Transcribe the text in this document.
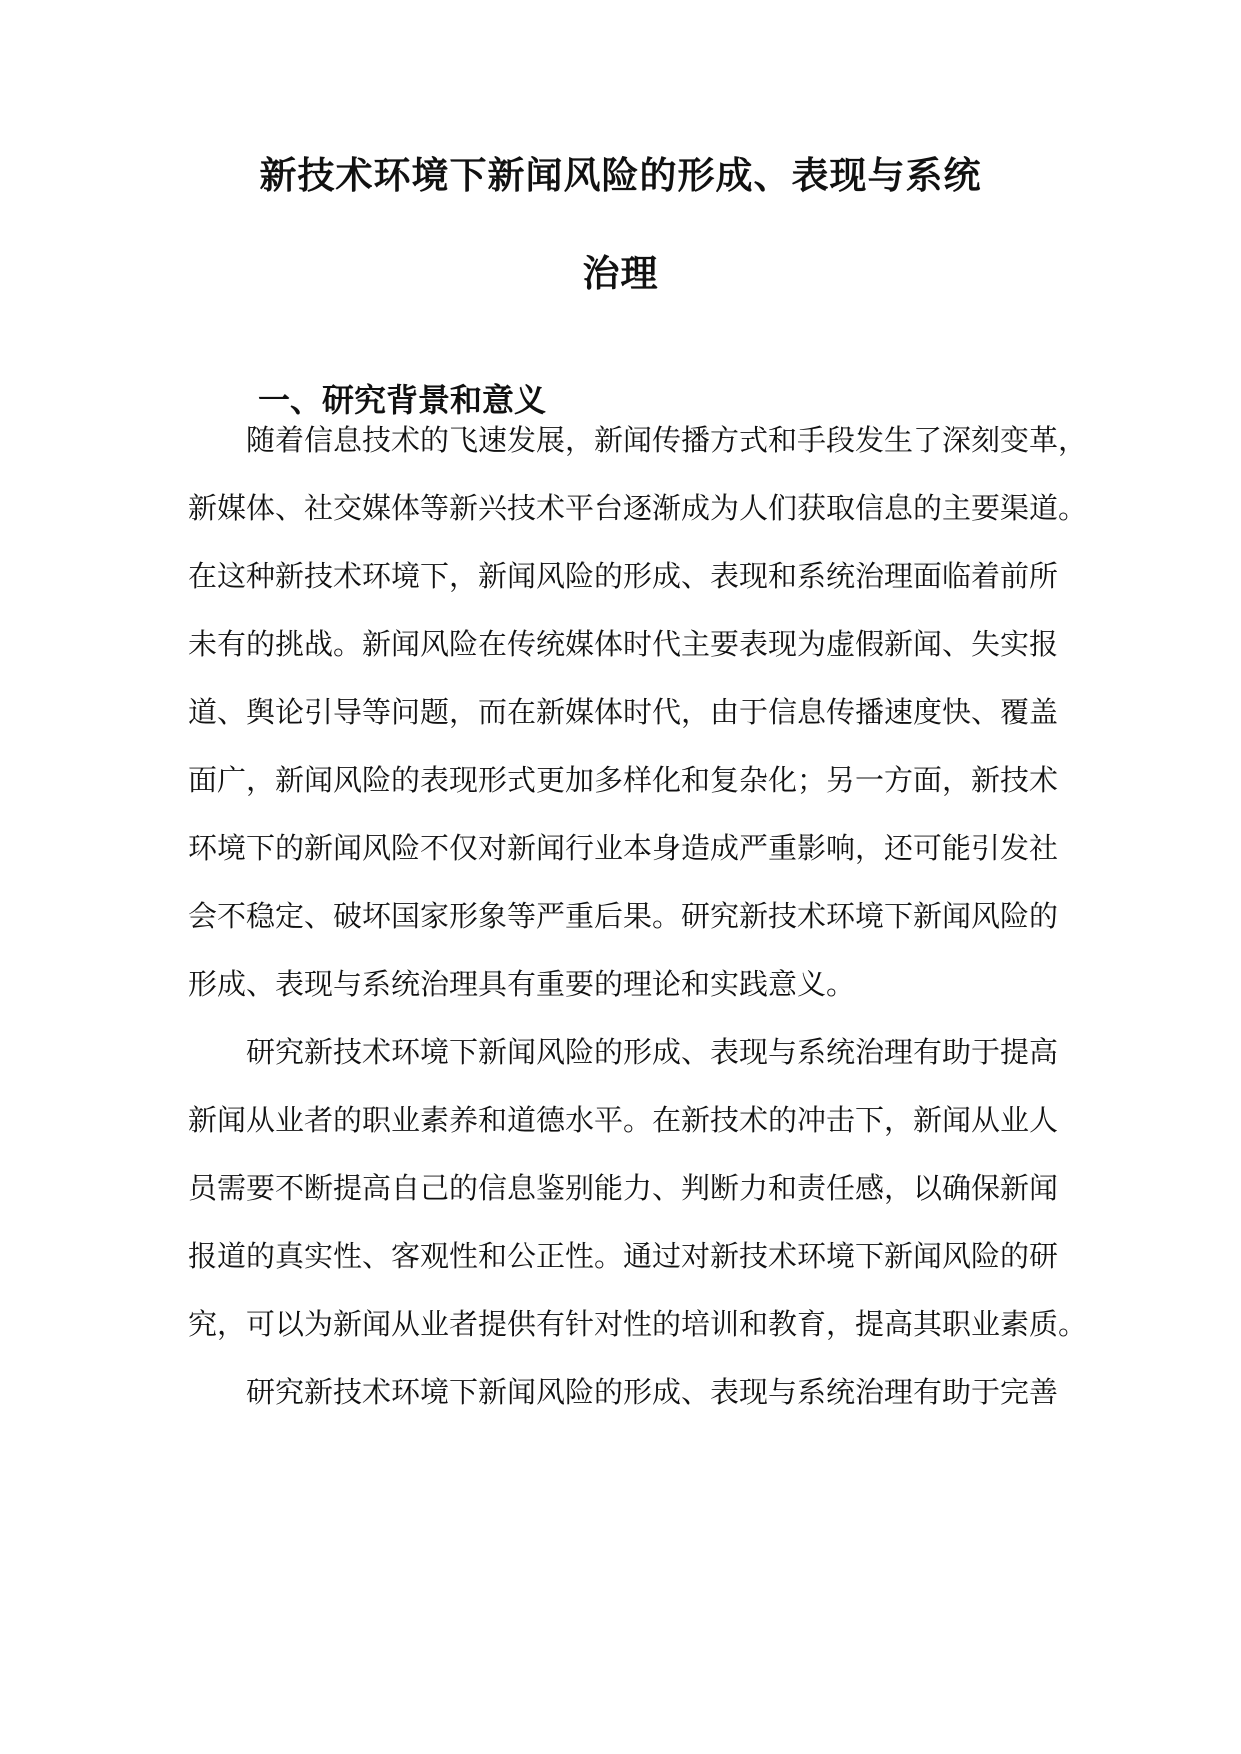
新技术环境下新闻风险的形成、表现与系统
治理
一、研究背景和意义
随着信息技术的飞速发展，新闻传播方式和手段发生了深刻变革，
新媒体、社交媒体等新兴技术平台逐渐成为人们获取信息的主要渠道。
在这种新技术环境下，新闻风险的形成、表现和系统治理面临着前所
未有的挑战。新闻风险在传统媒体时代主要表现为虚假新闻、失实报
道、舆论引导等问题，而在新媒体时代，由于信息传播速度快、覆盖
面广，新闻风险的表现形式更加多样化和复杂化；另一方面，新技术
环境下的新闻风险不仅对新闻行业本身造成严重影响，还可能引发社
会不稳定、破坏国家形象等严重后果。研究新技术环境下新闻风险的
形成、表现与系统治理具有重要的理论和实践意义。
研究新技术环境下新闻风险的形成、表现与系统治理有助于提高
新闻从业者的职业素养和道德水平。在新技术的冲击下，新闻从业人
员需要不断提高自己的信息鉴别能力、判断力和责任感，以确保新闻
报道的真实性、客观性和公正性。通过对新技术环境下新闻风险的研
究，可以为新闻从业者提供有针对性的培训和教育，提高其职业素质。
研究新技术环境下新闻风险的形成、表现与系统治理有助于完善
